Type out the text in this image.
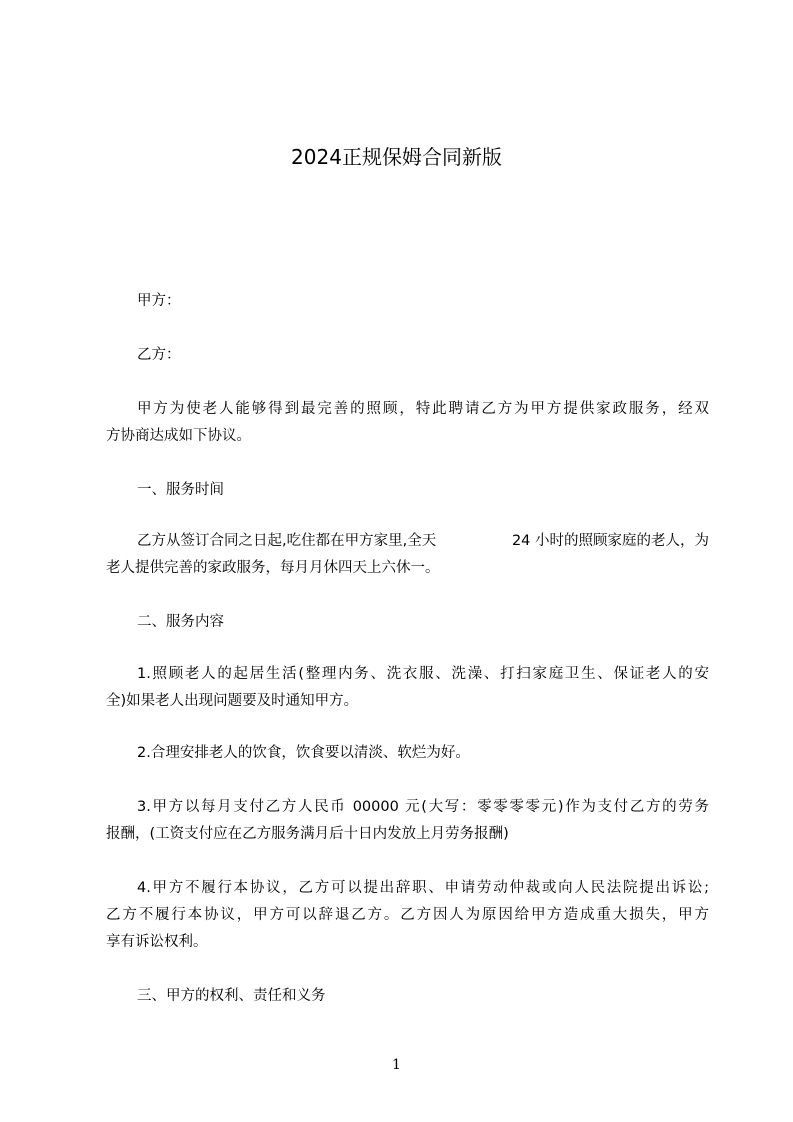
2024正规保姆合同新版
甲方：
乙方：
甲方为使老人能够得到最完善的照顾，特此聘请乙方为甲方提供家政服务，经双
方协商达成如下协议。
一、服务时间
乙方从签订合同之日起,吃住都在甲方家里,全天	24 小时的照顾家庭的老人，为
老人提供完善的家政服务，每月月休四天上六休一。
二、服务内容
1.照顾老人的起居生活(整理内务、洗衣服、洗澡、打扫家庭卫生、保证老人的安
全)如果老人出现问题要及时通知甲方。
2.合理安排老人的饮食，饮食要以清淡、软烂为好。
3.甲方以每月支付乙方人民币 00000 元(大写：零零零零元)作为支付乙方的劳务
报酬，(工资支付应在乙方服务满月后十日内发放上月劳务报酬)
4.甲方不履行本协议，乙方可以提出辞职、申请劳动仲裁或向人民法院提出诉讼;
乙方不履行本协议，甲方可以辞退乙方。乙方因人为原因给甲方造成重大损失，甲方
享有诉讼权利。
三、甲方的权利、责任和义务
1
